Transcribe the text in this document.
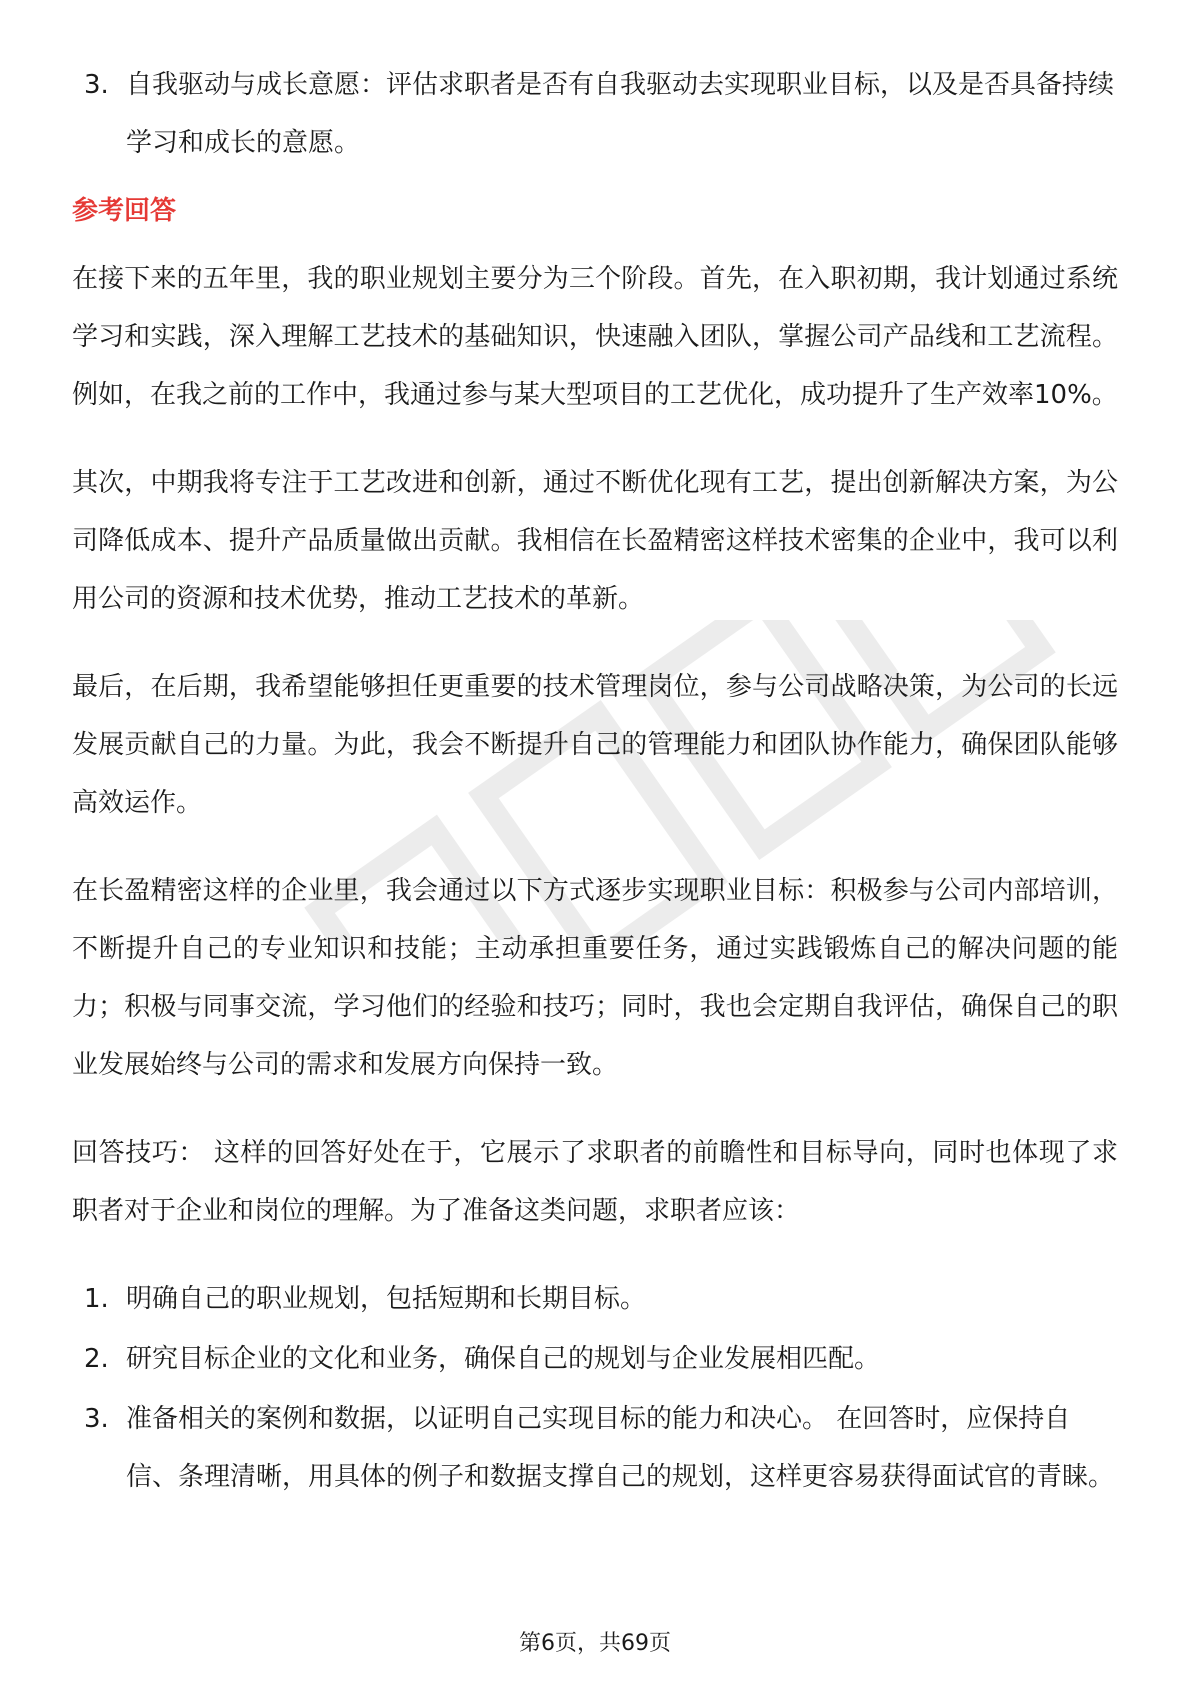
3. 自我驱动与成长意愿：评估求职者是否有自我驱动去实现职业目标，以及是否具备持续学习和成长的意愿。
参考回答

在接下来的五年里，我的职业规划主要分为三个阶段。首先，在入职初期，我计划通过系统学习和实践，深入理解工艺技术的基础知识，快速融入团队，掌握公司产品线和工艺流程。例如，在我之前的工作中，我通过参与某大型项目的工艺优化，成功提升了生产效率10%。

其次，中期我将专注于工艺改进和创新，通过不断优化现有工艺，提出创新解决方案，为公司降低成本、提升产品质量做出贡献。我相信在长盈精密这样技术密集的企业中，我可以利用公司的资源和技术优势，推动工艺技术的革新。

最后，在后期，我希望能够担任更重要的技术管理岗位，参与公司战略决策，为公司的长远发展贡献自己的力量。为此，我会不断提升自己的管理能力和团队协作能力，确保团队能够高效运作。

在长盈精密这样的企业里，我会通过以下方式逐步实现职业目标：积极参与公司内部培训，不断提升自己的专业知识和技能；主动承担重要任务，通过实践锻炼自己的解决问题的能力；积极与同事交流，学习他们的经验和技巧；同时，我也会定期自我评估，确保自己的职业发展始终与公司的需求和发展方向保持一致。

回答技巧： 这样的回答好处在于，它展示了求职者的前瞻性和目标导向，同时也体现了求职者对于企业和岗位的理解。为了准备这类问题，求职者应该：

1. 明确自己的职业规划，包括短期和长期目标。
2. 研究目标企业的文化和业务，确保自己的规划与企业发展相匹配。
3. 准备相关的案例和数据，以证明自己实现目标的能力和决心。 在回答时，应保持自信、条理清晰，用具体的例子和数据支撑自己的规划，这样更容易获得面试官的青睐。
第6页，共69页
